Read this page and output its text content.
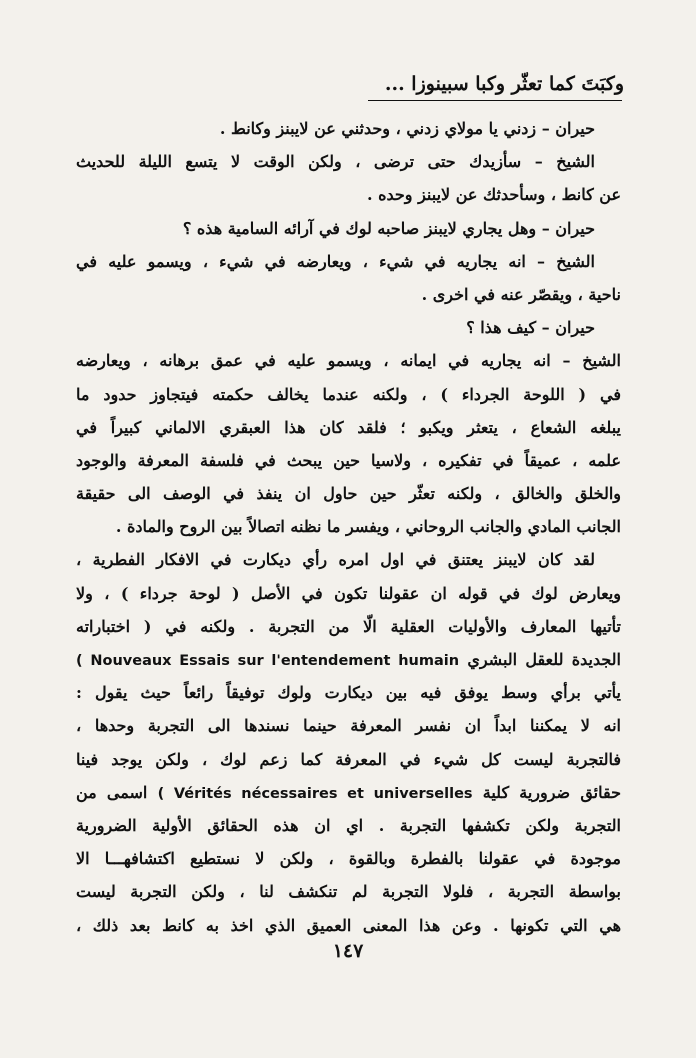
وكبَتَ كما تعثّر وكبا سبينوزا ...
حيران – زدني يا مولاي زدني ، وحدثني عن لايبنز وكانط .
الشيخ – سأزيدك حتى ترضى ، ولكن الوقت لا يتسع الليلة للحديث
عن كانط ، وسأحدثك عن لايبنز وحده .
حيران – وهل يجاري لايبنز صاحبه لوك في آرائه السامية هذه ؟
الشيخ – انه يجاريه في شيء ، ويعارضه في شيء ، ويسمو عليه في
ناحية ، ويقصّر عنه في اخرى .
حيران – كيف هذا ؟
الشيخ – انه يجاريه في ايمانه ، ويسمو عليه في عمق برهانه ، ويعارضه
في ( اللوحة الجرداء ) ، ولكنه عندما يخالف حكمته فيتجاوز حدود ما
يبلغه الشعاع ، يتعثر ويكبو ؛ فلقد كان هذا العبقري الالماني كبيراً في
علمه ، عميقاً في تفكيره ، ولاسيا حين يبحث في فلسفة المعرفة والوجود
والخلق والخالق ، ولكنه تعثّر حين حاول ان ينفذ في الوصف الى حقيقة
الجانب المادي والجانب الروحاني ، ويفسر ما نظنه اتصالاً بين الروح والمادة .
لقد كان لايبنز يعتنق في اول امره رأي ديكارت في الافكار الفطرية ،
ويعارض لوك في قوله ان عقولنا تكون في الأصل ( لوحة جرداء ) ، ولا
تأتيها المعارف والأوليات العقلية الّا من التجربة . ولكنه في ( اختباراته
الجديدة للعقل البشري ( Nouveaux Essais sur l'entendement humain
يأتي برأي وسط يوفق فيه بين ديكارت ولوك توفيقاً رائعاً حيث يقول :
انه لا يمكننا ابداً ان نفسر المعرفة حينما نسندها الى التجربة وحدها ،
فالتجربة ليست كل شيء في المعرفة كما زعم لوك ، ولكن يوجد فينا
حقائق ضرورية كلية ( Vérités nécessaires et universelles اسمى من
التجربة ولكن تكشفها التجربة . اي ان هذه الحقائق الأولية الضرورية
موجودة في عقولنا بالفطرة وبالقوة ، ولكن لا نستطيع اكتشافهـــا الا
بواسطة التجربة ، فلولا التجربة لم تنكشف لنا ، ولكن التجربة ليست
هي التي تكونها . وعن هذا المعنى العميق الذي اخذ به كانط بعد ذلك ،
١٤٧
